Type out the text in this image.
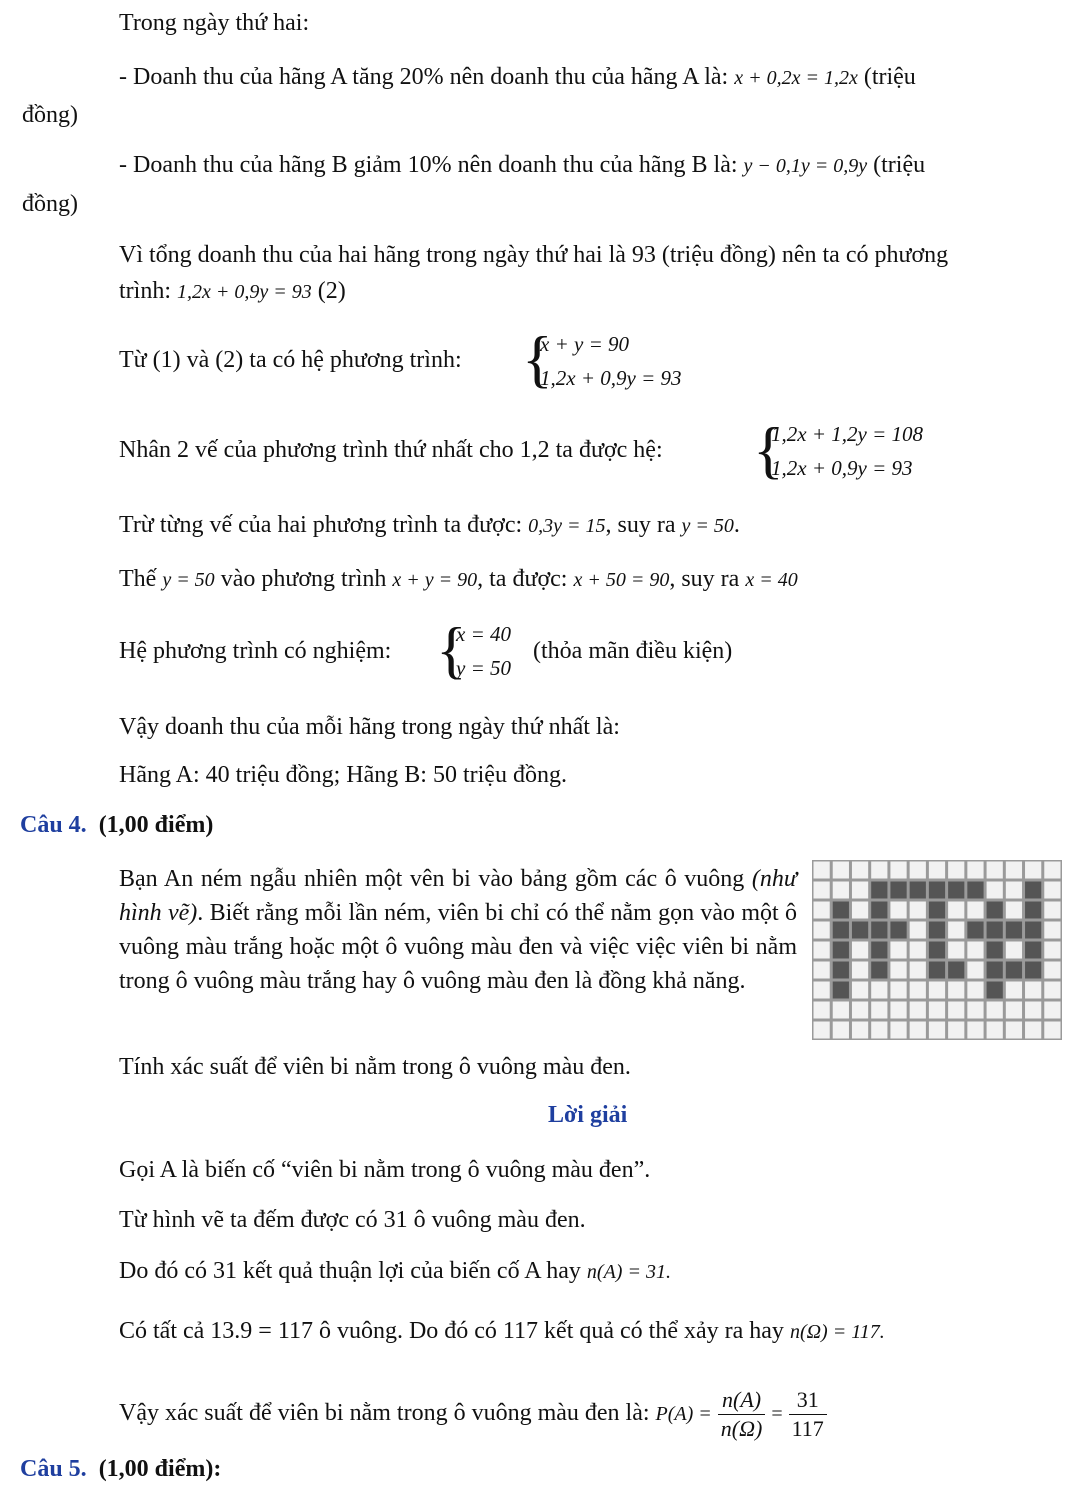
Trong ngày thứ hai:
- Doanh thu của hãng A tăng 20% nên doanh thu của hãng A là: x + 0,2x = 1,2x (triệu
đồng)
- Doanh thu của hãng B giảm 10% nên doanh thu của hãng B là: y − 0,1y = 0,9y (triệu
đồng)
Vì tổng doanh thu của hai hãng trong ngày thứ hai là 93 (triệu đồng) nên ta có phương
trình: 1,2x + 0,9y = 93 (2)
Từ (1) và (2) ta có hệ phương trình: {
x + y = 90
1,2x + 0,9y = 93
Nhân 2 vế của phương trình thứ nhất cho 1,2 ta được hệ: {
1,2x + 1,2y = 108
1,2x + 0,9y = 93
Trừ từng vế của hai phương trình ta được: 0,3y = 15, suy ra y = 50.
Thế y = 50 vào phương trình x + y = 90, ta được: x + 50 = 90, suy ra x = 40
Hệ phương trình có nghiệm: {
x = 40
y = 50
(thỏa mãn điều kiện)
Vậy doanh thu của mỗi hãng trong ngày thứ nhất là:
Hãng A: 40 triệu đồng; Hãng B: 50 triệu đồng.
Câu 4. (1,00 điểm)
Bạn An ném ngẫu nhiên một vên bi vào bảng gồm các ô vuông (như hình vẽ). Biết rằng mỗi lần ném, viên bi chỉ có thể nằm gọn vào một ô vuông màu trắng hoặc một ô vuông màu đen và việc việc viên bi nằm trong ô vuông màu trắng hay ô vuông màu đen là đồng khả năng.
Tính xác suất để viên bi nằm trong ô vuông màu đen.
Lời giải
Gọi A là biến cố “viên bi nằm trong ô vuông màu đen”.
Từ hình vẽ ta đếm được có 31 ô vuông màu đen.
Do đó có 31 kết quả thuận lợi của biến cố A hay n(A) = 31.
Có tất cả 13.9 = 117 ô vuông. Do đó có 117 kết quả có thể xảy ra hay n(Ω) = 117.
Vậy xác suất để viên bi nằm trong ô vuông màu đen là: $P(A) = \frac{n(A)}{n(\Omega)} = \frac{31}{117}$
Câu 5. (1,00 điểm):
